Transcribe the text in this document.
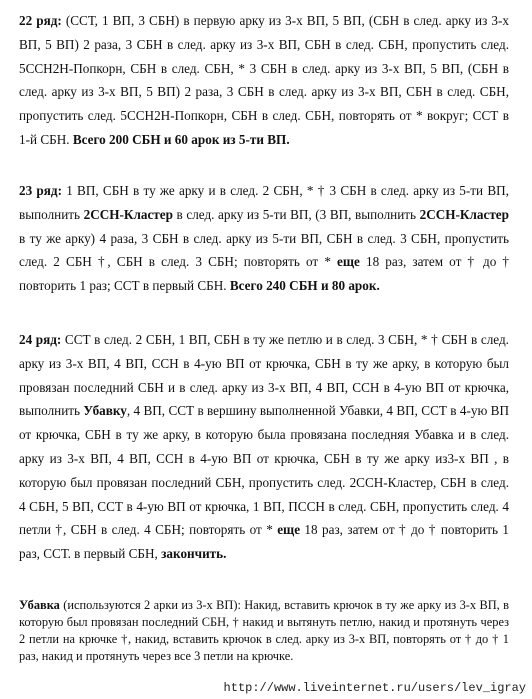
22 ряд: (ССТ, 1 ВП, 3 СБН) в первую арку из 3-х ВП, 5 ВП, (СБН в след. арку из 3-х ВП, 5 ВП) 2 раза, 3 СБН в след. арку из 3-х ВП, СБН в след. СБН, пропустить след. 5ССН2Н-Попкорн, СБН в след. СБН, * 3 СБН в след. арку из 3-х ВП, 5 ВП, (СБН в след. арку из 3-х ВП, 5 ВП) 2 раза, 3 СБН в след. арку из 3-х ВП, СБН в след. СБН, пропустить след. 5ССН2Н-Попкорн, СБН в след. СБН, повторять от * вокруг; ССТ в 1-й СБН. Всего 200 СБН и 60 арок из 5-ти ВП.

23 ряд: 1 ВП, СБН в ту же арку и в след. 2 СБН, * † 3 СБН в след. арку из 5-ти ВП, выполнить 2ССН-Кластер в след. арку из 5-ти ВП, (3 ВП, выполнить 2ССН-Кластер в ту же арку) 4 раза, 3 СБН в след. арку из 5-ти ВП, СБН в след. 3 СБН, пропустить след. 2 СБН †, СБН в след. 3 СБН; повторять от * еще 18 раз, затем от † до † повторить 1 раз; ССТ в первый СБН. Всего 240 СБН и 80 арок.

24 ряд: ССТ в след. 2 СБН, 1 ВП, СБН в ту же петлю и в след. 3 СБН, * † СБН в след. арку из 3-х ВП, 4 ВП, ССН в 4-ую ВП от крючка, СБН в ту же арку, в которую был провязан последний СБН и в след. арку из 3-х ВП, 4 ВП, ССН в 4-ую ВП от крючка, выполнить Убавку, 4 ВП, ССТ в вершину выполненной Убавки, 4 ВП, ССТ в 4-ую ВП от крючка, СБН в ту же арку, в которую была провязана последняя Убавка и в след. арку из 3-х ВП, 4 ВП, ССН в 4-ую ВП от крючка, СБН в ту же арку из3-х ВП , в которую был провязан последний СБН, пропустить след. 2ССН-Кластер, СБН в след. 4 СБН, 5 ВП, ССТ в 4-ую ВП от крючка, 1 ВП, ПССН в след. СБН, пропустить след. 4 петли †, СБН в след. 4 СБН; повторять от * еще 18 раз, затем от † до † повторить 1 раз, ССТ. в первый СБН, закончить.

Убавка (используются 2 арки из 3-х ВП): Накид, вставить крючок в ту же арку из 3-х ВП, в которую был провязан последний СБН, † накид и вытянуть петлю, накид и протянуть через 2 петли на крючке †, накид, вставить крючок в след. арку из 3-х ВП, повторять от † до † 1 раз, накид и протянуть через все 3 петли на крючке.

http://www.liveinternet.ru/users/lev_igray
